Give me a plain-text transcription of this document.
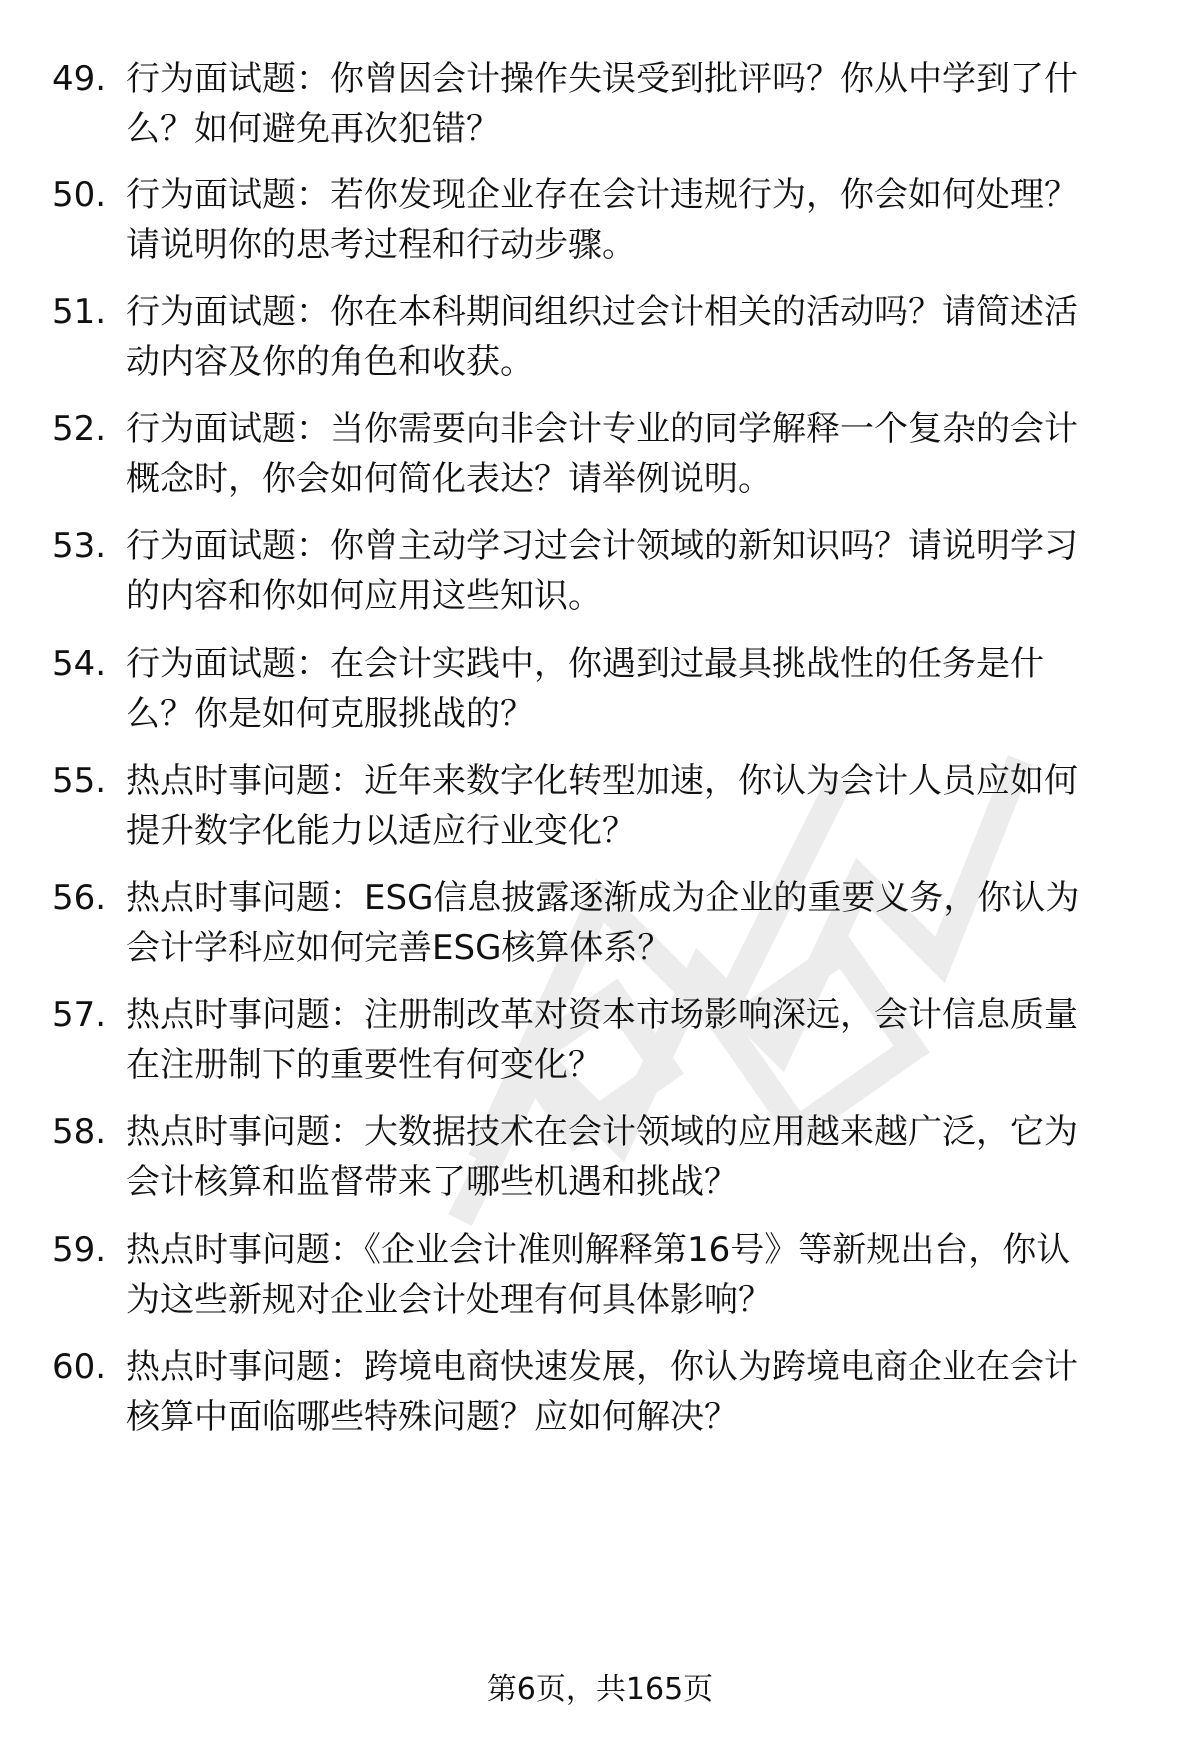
49. 行为面试题：你曾因会计操作失误受到批评吗？你从中学到了什
么？如何避免再次犯错？
50. 行为面试题：若你发现企业存在会计违规行为，你会如何处理？
请说明你的思考过程和行动步骤。
51. 行为面试题：你在本科期间组织过会计相关的活动吗？请简述活
动内容及你的角色和收获。
52. 行为面试题：当你需要向非会计专业的同学解释一个复杂的会计
概念时，你会如何简化表达？请举例说明。
53. 行为面试题：你曾主动学习过会计领域的新知识吗？请说明学习
的内容和你如何应用这些知识。
54. 行为面试题：在会计实践中，你遇到过最具挑战性的任务是什
么？你是如何克服挑战的？
55. 热点时事问题：近年来数字化转型加速，你认为会计人员应如何
提升数字化能力以适应行业变化？
56. 热点时事问题：ESG信息披露逐渐成为企业的重要义务，你认为
会计学科应如何完善ESG核算体系？
57. 热点时事问题：注册制改革对资本市场影响深远，会计信息质量
在注册制下的重要性有何变化？
58. 热点时事问题：大数据技术在会计领域的应用越来越广泛，它为
会计核算和监督带来了哪些机遇和挑战？
59. 热点时事问题：《企业会计准则解释第16号》等新规出台，你认
为这些新规对企业会计处理有何具体影响？
60. 热点时事问题：跨境电商快速发展，你认为跨境电商企业在会计
核算中面临哪些特殊问题？应如何解决？
第6页，共165页
